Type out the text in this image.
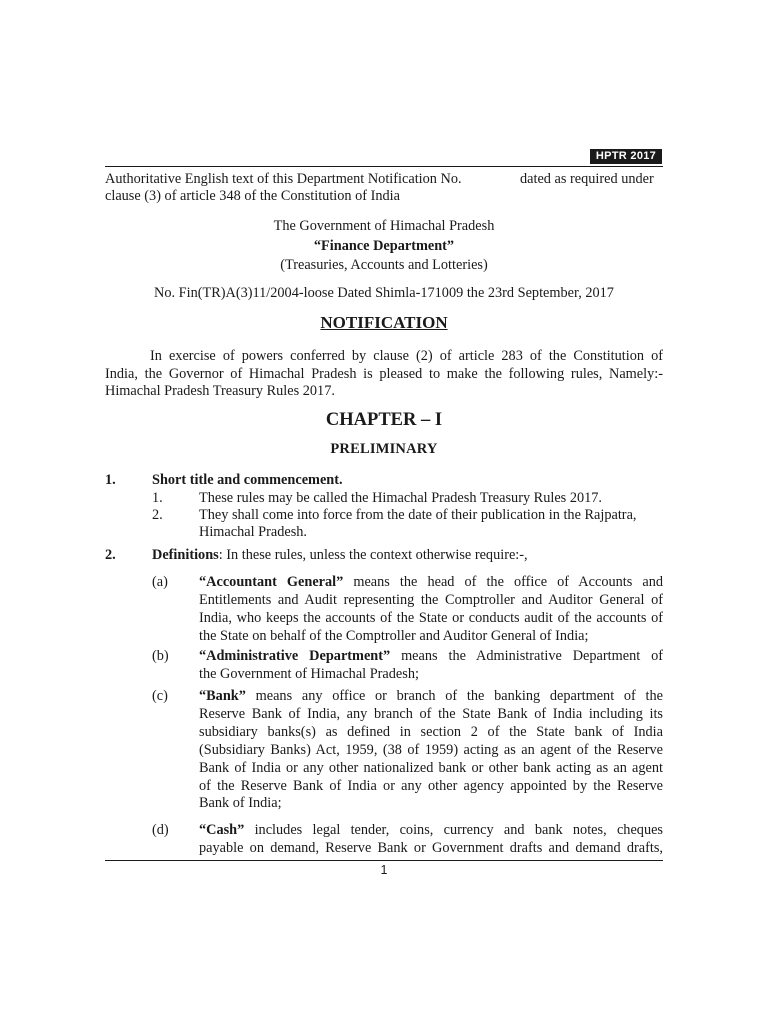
HPTR 2017
Authoritative English text of this Department Notification No.	dated as required under
clause (3) of article 348 of the Constitution of India
The Government of Himachal Pradesh
“Finance Department”
(Treasuries, Accounts and Lotteries)
No. Fin(TR)A(3)11/2004-loose Dated Shimla-171009 the 23rd September, 2017
NOTIFICATION
In exercise of powers conferred by clause (2) of article 283 of the Constitution of
India, the Governor of Himachal Pradesh is pleased to make the following rules, Namely:-
Himachal Pradesh Treasury Rules 2017.
CHAPTER – I
PRELIMINARY
1.	Short title and commencement.
1.	These rules may be called the Himachal Pradesh Treasury Rules 2017.
2.	They shall come into force from the date of their publication in the Rajpatra,
Himachal Pradesh.
2.	Definitions: In these rules, unless the context otherwise require:-,
(a) “Accountant General” means the head of the office of Accounts and
Entitlements and Audit representing the Comptroller and Auditor General of
India, who keeps the accounts of the State or conducts audit of the accounts of
the State on behalf of the Comptroller and Auditor General of India;
(b) “Administrative Department” means the Administrative Department of
the Government of Himachal Pradesh;
(c) “Bank” means any office or branch of the banking department of the
Reserve Bank of India, any branch of the State Bank of India including its
subsidiary banks(s) as defined in section 2 of the State bank of India
(Subsidiary Banks) Act, 1959, (38 of 1959) acting as an agent of the Reserve
Bank of India or any other nationalized bank or other bank acting as an agent
of the Reserve Bank of India or any other agency appointed by the Reserve
Bank of India;
(d) “Cash” includes legal tender, coins, currency and bank notes, cheques
payable on demand, Reserve Bank or Government drafts and demand drafts,
1
